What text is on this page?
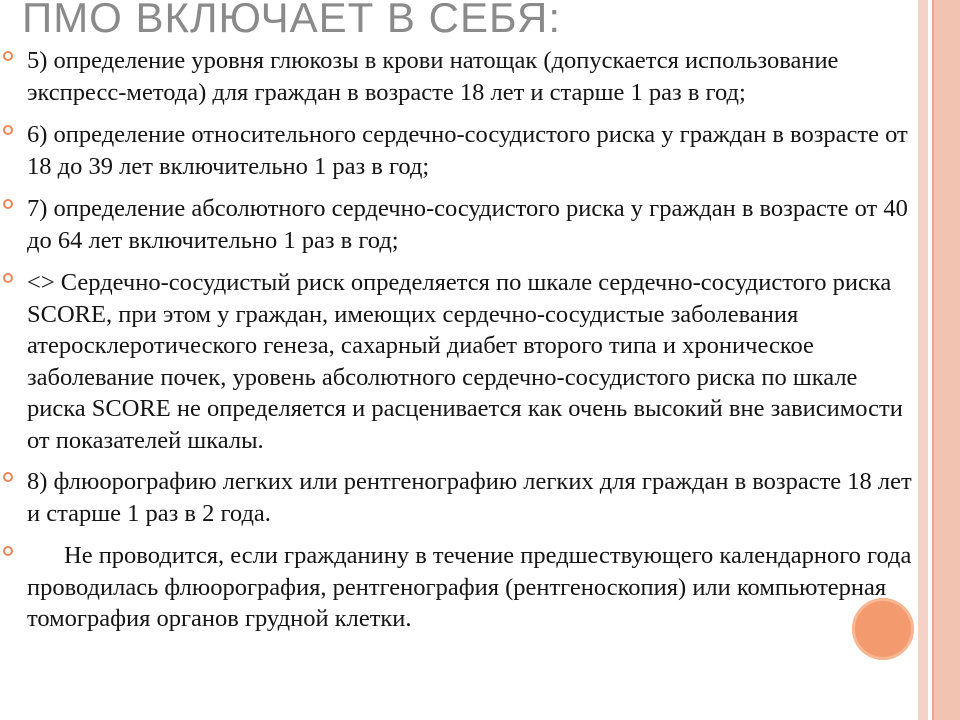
ПМО ВКЛЮЧАЕТ В СЕБЯ:
5) определение уровня глюкозы в крови натощак (допускается использование экспресс-метода) для граждан в возрасте 18 лет и старше 1 раз в год;
6) определение относительного сердечно-сосудистого риска у граждан в возрасте от 18 до 39 лет включительно 1 раз в год;
7) определение абсолютного сердечно-сосудистого риска у граждан в возрасте от 40 до 64 лет включительно 1 раз в год;
<> Сердечно-сосудистый риск определяется по шкале сердечно-сосудистого риска SCORE, при этом у граждан, имеющих сердечно-сосудистые заболевания атеросклеротического генеза, сахарный диабет второго типа и хроническое заболевание почек, уровень абсолютного сердечно-сосудистого риска по шкале риска SCORE не определяется и расценивается как очень высокий вне зависимости от показателей шкалы.
8) флюорографию легких или рентгенографию легких для граждан в возрасте 18 лет и старше 1 раз в 2 года.
Не проводится, если гражданину в течение предшествующего календарного года проводилась флюорография, рентгенография (рентгеноскопия) или компьютерная томография органов грудной клетки.
